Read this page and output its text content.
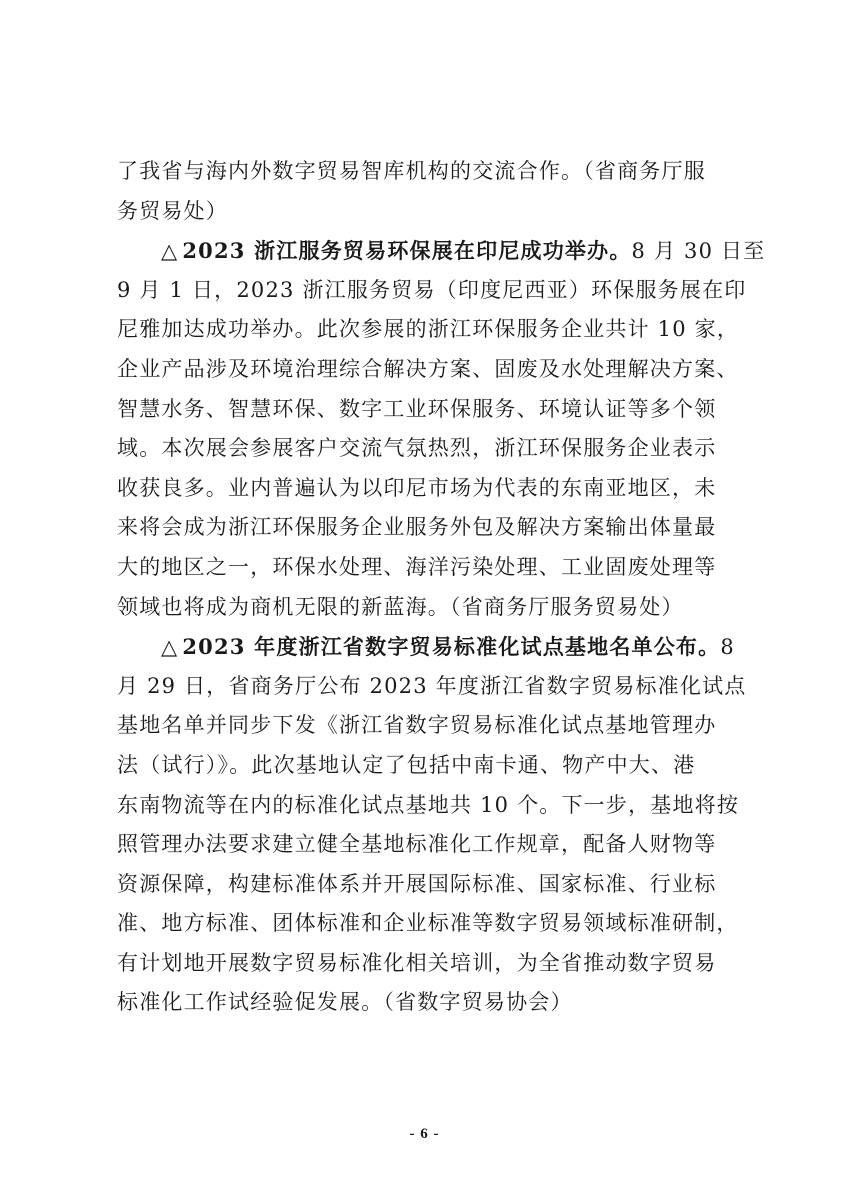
了我省与海内外数字贸易智库机构的交流合作。（省商务厅服
务贸易处）
△ 2023 浙江服务贸易环保展在印尼成功举办。8 月 30 日至
9 月 1 日，2023 浙江服务贸易（印度尼西亚）环保服务展在印
尼雅加达成功举办。此次参展的浙江环保服务企业共计 10 家，
企业产品涉及环境治理综合解决方案、固废及水处理解决方案、
智慧水务、智慧环保、数字工业环保服务、环境认证等多个领
域。本次展会参展客户交流气氛热烈，浙江环保服务企业表示
收获良多。业内普遍认为以印尼市场为代表的东南亚地区，未
来将会成为浙江环保服务企业服务外包及解决方案输出体量最
大的地区之一，环保水处理、海洋污染处理、工业固废处理等
领域也将成为商机无限的新蓝海。（省商务厅服务贸易处）
△ 2023 年度浙江省数字贸易标准化试点基地名单公布。8
月 29 日，省商务厅公布 2023 年度浙江省数字贸易标准化试点
基地名单并同步下发《浙江省数字贸易标准化试点基地管理办
法（试行）》。此次基地认定了包括中南卡通、物产中大、港
东南物流等在内的标准化试点基地共 10 个。下一步，基地将按
照管理办法要求建立健全基地标准化工作规章，配备人财物等
资源保障，构建标准体系并开展国际标准、国家标准、行业标
准、地方标准、团体标准和企业标准等数字贸易领域标准研制，
有计划地开展数字贸易标准化相关培训，为全省推动数字贸易
标准化工作试经验促发展。（省数字贸易协会）
- 6 -
